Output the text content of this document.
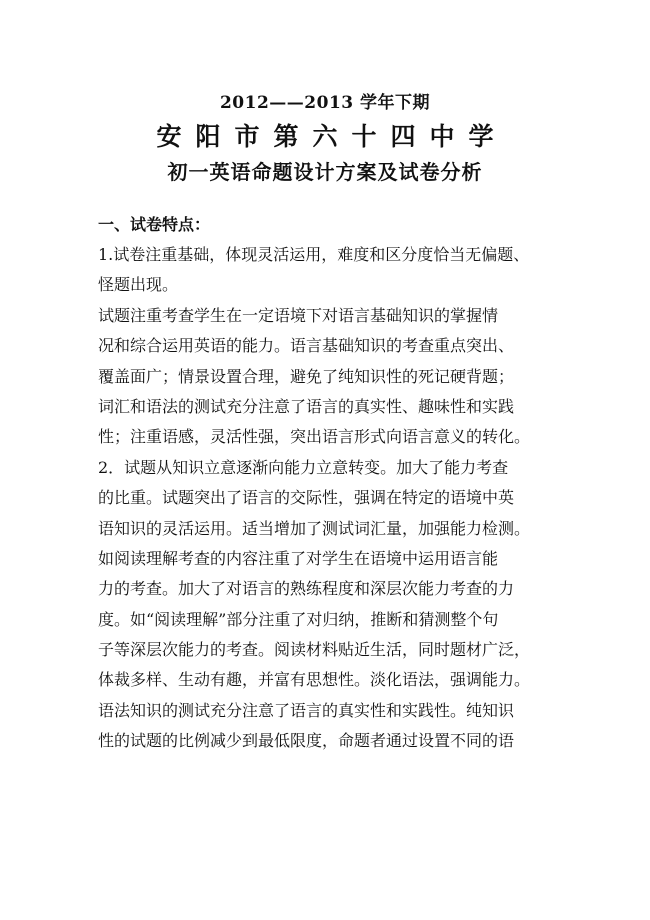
2012——2013 学年下期
安阳市第六十四中学
初一英语命题设计方案及试卷分析
一、试卷特点：
1.试卷注重基础，体现灵活运用，难度和区分度恰当无偏题、
怪题出现。
试题注重考查学生在一定语境下对语言基础知识的掌握情
况和综合运用英语的能力。语言基础知识的考查重点突出、
覆盖面广；情景设置合理，避免了纯知识性的死记硬背题；
词汇和语法的测试充分注意了语言的真实性、趣味性和实践
性；注重语感，灵活性强，突出语言形式向语言意义的转化。
2．试题从知识立意逐渐向能力立意转变。加大了能力考查
的比重。试题突出了语言的交际性，强调在特定的语境中英
语知识的灵活运用。适当增加了测试词汇量，加强能力检测。
如阅读理解考查的内容注重了对学生在语境中运用语言能
力的考查。加大了对语言的熟练程度和深层次能力考查的力
度。如“阅读理解”部分注重了对归纳，推断和猜测整个句
子等深层次能力的考查。阅读材料贴近生活，同时题材广泛，
体裁多样、生动有趣，并富有思想性。淡化语法，强调能力。
语法知识的测试充分注意了语言的真实性和实践性。纯知识
性的试题的比例减少到最低限度，命题者通过设置不同的语
